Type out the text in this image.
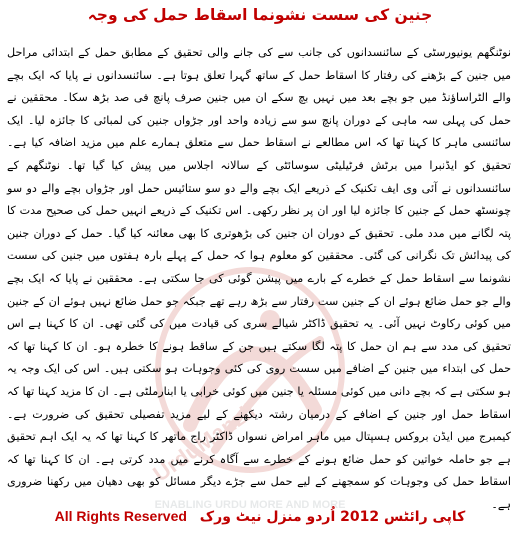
UrduManzil
ENABLING URDU MORE AND MORE
جنین کی سست نشونما اسقاط حمل کی وجہ

نوٹنگھم یونیورسٹی کے سائنسدانوں کی جانب سے کی جانے والی تحقیق کے مطابق حمل کے ابتدائی مراحل میں جنین کے بڑھنے کی رفتار کا اسقاط حمل کے ساتھ گہرا تعلق ہوتا ہے۔ سائنسدانوں نے پایا کہ ایک بچے والے الٹراساؤنڈ میں جو بچے بعد میں نہیں بچ سکے ان میں جنین صرف پانچ فی صد بڑھ سکا۔ محققین نے حمل کی پہلی سہ ماہی کے دوران پانچ سو سے زیادہ واحد اور جڑواں جنین کی لمبائی کا جائزہ لیا۔ ایک سائنسی ماہر کا کہنا تھا کہ اس مطالعے نے اسقاط حمل سے متعلق ہمارے علم میں مزید اضافہ کیا ہے۔ تحقیق کو ایڈنبرا میں برٹش فرٹیلیٹی سوسائٹی کے سالانہ اجلاس میں پیش کیا گیا تھا۔ نوٹنگھم کے سائنسدانوں نے آئی وی ایف تکنیک کے ذریعے ایک بچے والے دو سو ستائیس حمل اور جڑواں بچے والے دو سو چونسٹھ حمل کے جنین کا جائزہ لیا اور ان پر نظر رکھی۔ اس تکنیک کے ذریعے انہیں حمل کی صحیح مدت کا پتہ لگانے میں مدد ملی۔ تحقیق کے دوران ان جنین کی بڑھوتری کا بھی معائنہ کیا گیا۔ حمل کے دوران جنین کی پیدائش تک نگرانی کی گئی۔ محققین کو معلوم ہوا کہ حمل کے پہلے بارہ ہفتوں میں جنین کی سست نشونما سے اسقاط حمل کے خطرے کے بارے میں پیشن گوئی کی جا سکتی ہے۔ محققین نے پایا کہ ایک بچے والے جو حمل ضائع ہوئے ان کے جنین ست رفتار سے بڑھ رہے تھے جبکہ جو حمل ضائع نہیں ہوئے ان کے جنین میں کوئی رکاوٹ نہیں آئی۔ یہ تحقیق ڈاکٹر شیالے سری کی قیادت میں کی گئی تھی۔ ان کا کہنا ہے اس تحقیق کی مدد سے ہم ان حمل کا پتہ لگا سکتے ہیں جن کے ساقط ہونے کا خطرہ ہو۔ ان کا کہنا تھا کہ حمل کی ابتداء میں جنین کے اضافے میں سست روی کی کئی وجوہات ہو سکتی ہیں۔ اس کی ایک وجہ یہ ہو سکتی ہے کہ بچے دانی میں کوئی مسئلہ یا جنین میں کوئی خرابی یا ابنارملٹی ہے۔ ان کا مزید کہنا تھا کہ اسقاط حمل اور جنین کے اضافے کے درمیان رشتہ دیکھنے کے لیے مزید تفصیلی تحقیق کی ضرورت ہے۔ کیمبرج میں ایڈن بروکس ہسپتال میں ماہر امراض نسواں ڈاکٹر راج ماتھر کا کہنا تھا کہ یہ ایک اہم تحقیق ہے جو حاملہ خواتین کو حمل ضائع ہونے کے خطرے سے آگاہ کرنے میں مدد کرتی ہے۔ ان کا کہنا تھا کہ اسقاط حمل کی وجوہات کو سمجھنے کے لیے حمل سے جڑے دیگر مسائل کو بھی دھیان میں رکھنا ضروری ہے۔

All Rights Reserved کاپی رائٹس 2012 اُردو منزل نیٹ ورک
